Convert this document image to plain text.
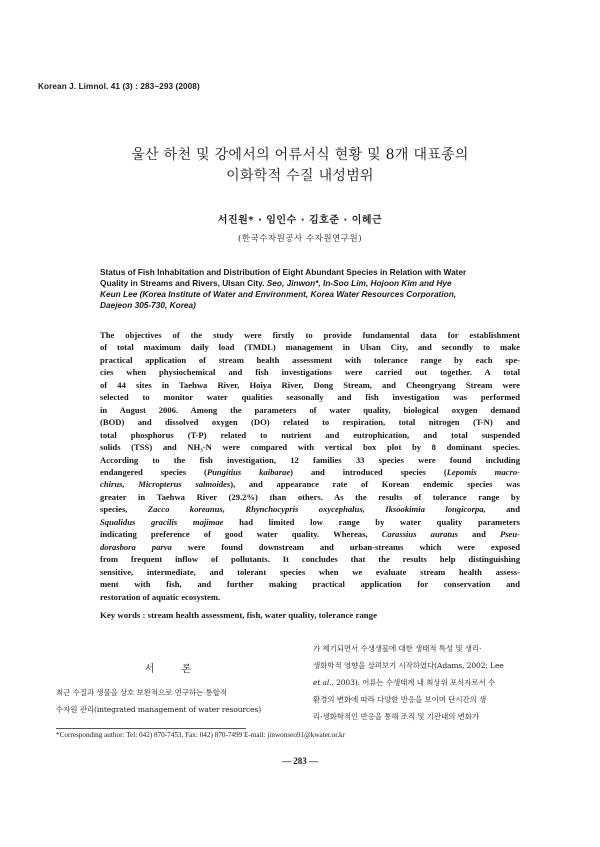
Korean J. Limnol. 41 (3) : 283~293 (2008)
울산 하천 및 강에서의 어류서식 현황 및 8개 대표종의
이화학적 수질 내성범위
서진원* · 임인수 · 김호준 · 이헤근
(한국수자원공사 수자원연구원)
Status of Fish Inhabitation and Distribution of Eight Abundant Species in Relation with Water
Quality in Streams and Rivers, Ulsan City. Seo, Jinwon*, In-Soo Lim, Hojoon Kim and Hye
Keun Lee (Korea Institute of Water and Environment, Korea Water Resources Corporation,
Daejeon 305-730, Korea)
The objectives of the study were firstly to provide fundamental data for establishment
of total maximum daily load (TMDL) management in Ulsan City, and secondly to make
practical application of stream health assessment with tolerance range by each spe-
cies when physiochemical and fish investigations were carried out together. A total
of 44 sites in Taehwa River, Hoiya River, Dong Stream, and Cheongryang Stream were
selected to monitor water qualities seasonally and fish investigation was performed
in August 2006. Among the parameters of water quality, biological oxygen demand
(BOD) and dissolved oxygen (DO) related to respiration, total nitrogen (T-N) and
total phosphorus (T-P) related to nutrient and eutrophication, and total suspended
solids (TSS) and NH₃-N were compared with vertical box plot by 8 dominant species.
According to the fish investigation, 12 families 33 species were found including
endangered species (Pungitius kaibarae) and introduced species (Lepomis macro-
chirus, Micropterus salmoides), and appearance rate of Korean endemic species was
greater in Taehwa River (29.2%) than others. As the results of tolerance range by
species, Zacco koreanus, Rhynchocypris oxycephalus, Iksookimia longicorpa, and
Squalidus gracilis majimae had limited low range by water quality parameters
indicating preference of good water quality. Whereas, Carassius auratus and Pseu-
dorasbora parva were found downstream and urban-streams which were exposed
from frequent inflow of pollutants. It concludes that the results help distinguishing
sensitive, intermediate, and tolerant species when we evaluate stream health assess-
ment with fish, and further making practical application for conservation and
restoration of aquatic ecosystem.
Key words : stream health assessment, fish, water quality, tolerance range
서 론
최근 수질과 생물을 상호 보완적으로 연구하는 통합적
수자원 관리(integrated management of water resources)
가 제기되면서 수생생물에 대한 생태적 특성 및 생리·
생화학적 영향을 살펴보기 시작하였다(Adams, 2002; Lee
et al., 2003). 어류는 수생태계 내 최상위 포식자로서 수
환경의 변화에 따라 다양한 반응을 보이며 단시간의 생
리·생화학적인 반응을 통해 조직 및 기관내의 변화가
*Corresponding author: Tel: 042) 870-7453, Fax: 042) 870-7499 E-mail: jinwonseo91@kwater.or.kr
— 283 —
